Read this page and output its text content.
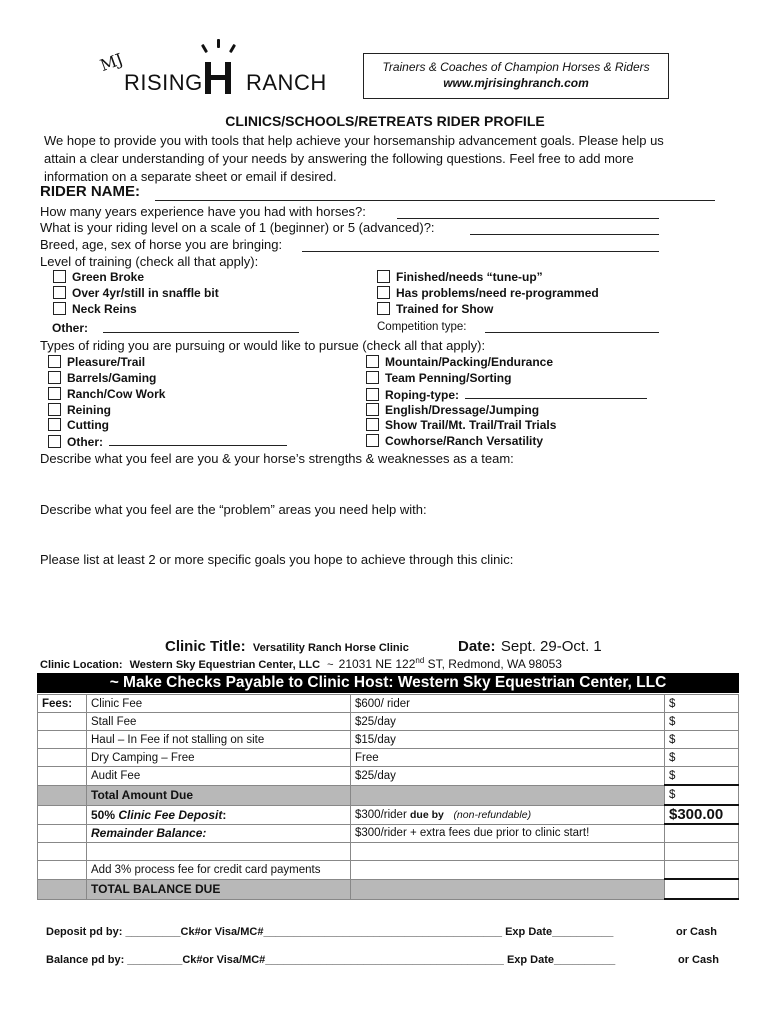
MJ
RISING RANCH
Trainers & Coaches of Champion Horses & Riders
www.mjrisinghranch.com
CLINICS/SCHOOLS/RETREATS RIDER PROFILE
We hope to provide you with tools that help achieve your horsemanship advancement goals. Please help us
attain a clear understanding of your needs by answering the following questions. Feel free to add more
information on a separate sheet or email if desired.
RIDER NAME:
How many years experience have you had with horses?:
What is your riding level on a scale of 1 (beginner) or 5 (advanced)?:
Breed, age, sex of horse you are bringing:
Level of training (check all that apply):
Green Broke
Over 4yr/still in snaffle bit
Neck Reins
Finished/needs “tune-up”
Has problems/need re-programmed
Trained for Show
Other:	Competition type:
Types of riding you are pursuing or would like to pursue (check all that apply):
Pleasure/Trail
Barrels/Gaming
Ranch/Cow Work
Reining
Cutting
Other:
Mountain/Packing/Endurance
Team Penning/Sorting
Roping-type:
English/Dressage/Jumping
Show Trail/Mt. Trail/Trail Trials
Cowhorse/Ranch Versatility
Describe what you feel are you & your horse’s strengths & weaknesses as a team:
Describe what you feel are the “problem” areas you need help with:
Please list at least 2 or more specific goals you hope to achieve through this clinic:
Clinic Title: Versatility Ranch Horse Clinic	Date: Sept. 29-Oct. 1
Clinic Location: Western Sky Equestrian Center, LLC ~ 21031 NE 122nd ST, Redmond, WA 98053
~ Make Checks Payable to Clinic Host: Western Sky Equestrian Center, LLC
Fees:	Clinic Fee	$600/ rider	$
	Stall Fee	$25/day	$
	Haul – In Fee if not stalling on site	$15/day	$
	Dry Camping – Free	Free	$
	Audit Fee	$25/day	$
	Total Amount Due		$
	50% Clinic Fee Deposit:	$300/rider due by (non-refundable)	$300.00
	Remainder Balance:	$300/rider + extra fees due prior to clinic start!	

	Add 3% process fee for credit card payments		
	TOTAL BALANCE DUE		
Deposit pd by: _________Ck#or Visa/MC#_______________________________________ Exp Date__________	or Cash
Balance pd by: _________Ck#or Visa/MC#_______________________________________ Exp Date__________	or Cash
